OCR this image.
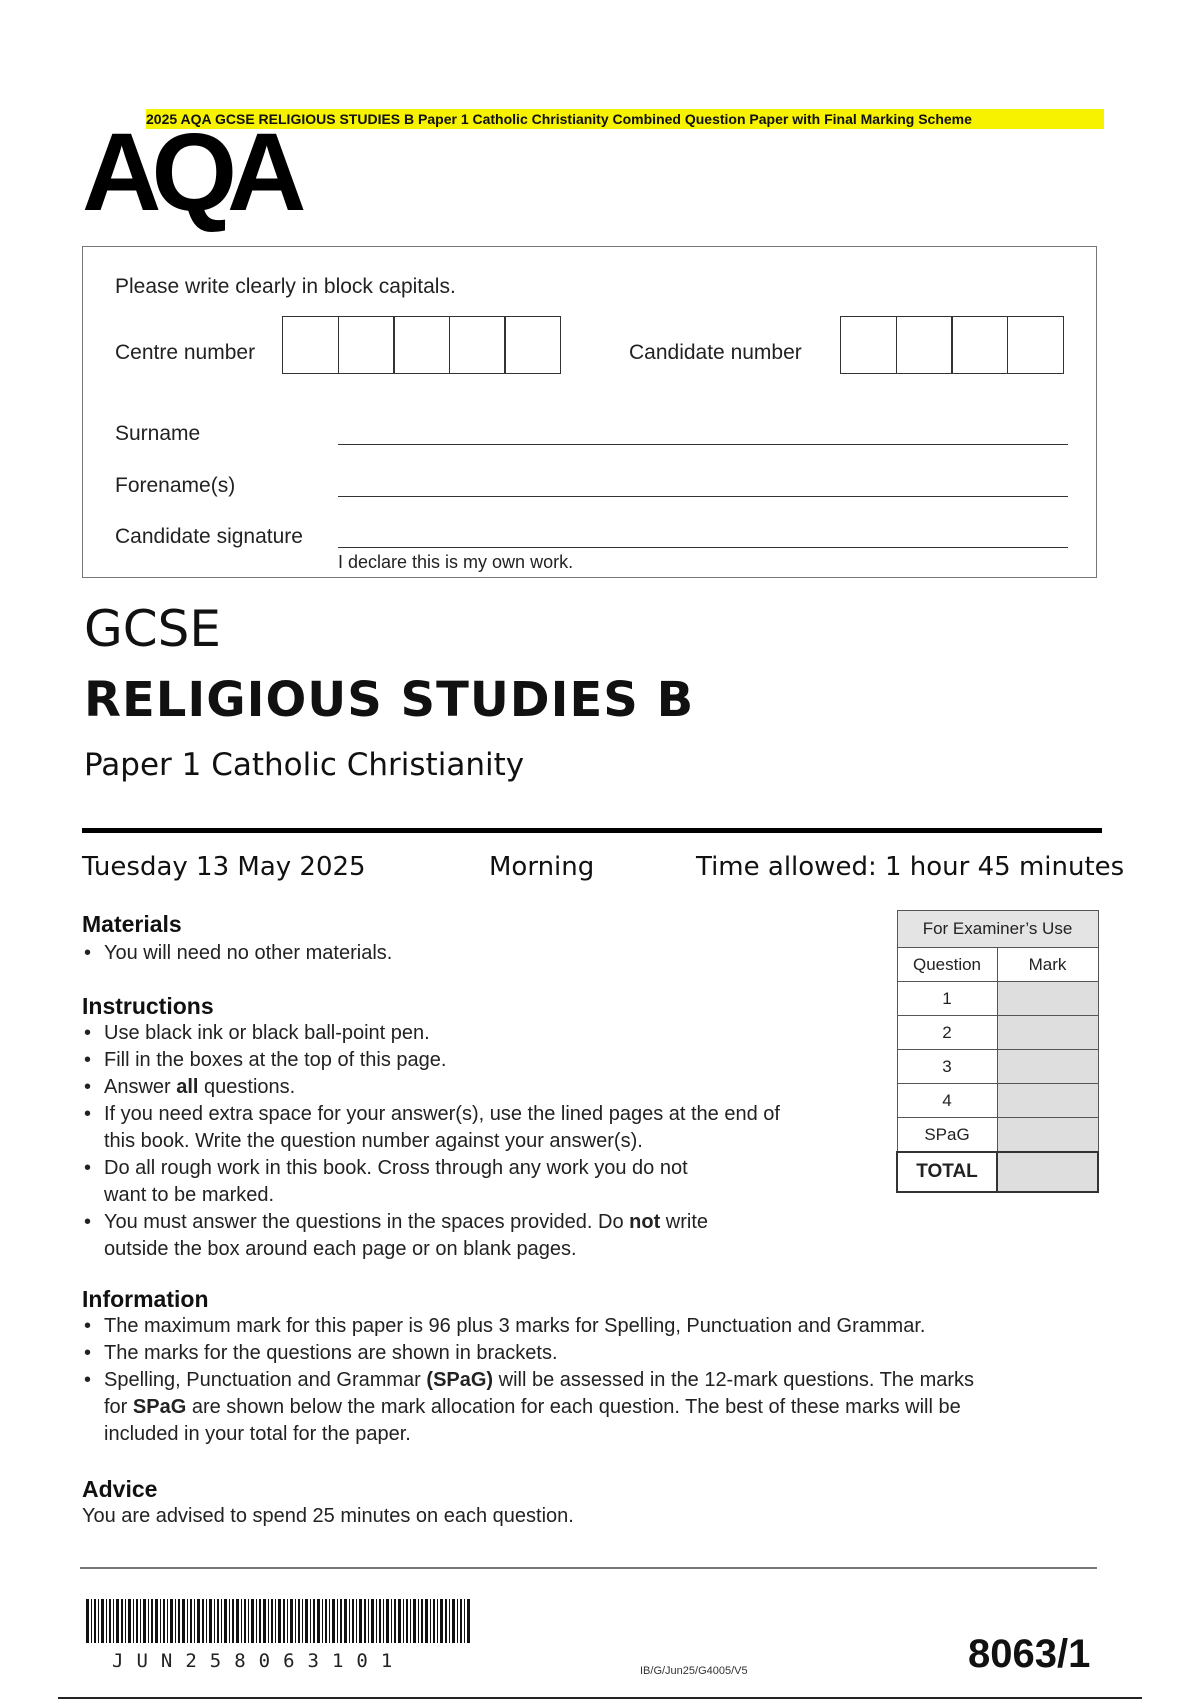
2025 AQA GCSE RELIGIOUS STUDIES B Paper 1 Catholic Christianity Combined Question Paper with Final Marking Scheme
AQA
Please write clearly in block capitals.
Centre number	Candidate number
Surname
Forename(s)
Candidate signature
I declare this is my own work.
GCSE
RELIGIOUS STUDIES B
Paper 1 Catholic Christianity
Tuesday 13 May 2025	Morning	Time allowed: 1 hour 45 minutes
Materials
• You will need no other materials.
Instructions
• Use black ink or black ball-point pen.
• Fill in the boxes at the top of this page.
• Answer all questions.
• If you need extra space for your answer(s), use the lined pages at the end of
this book. Write the question number against your answer(s).
• Do all rough work in this book. Cross through any work you do not
want to be marked.
• You must answer the questions in the spaces provided. Do not write
outside the box around each page or on blank pages.
For Examiner’s Use	
Question	Mark
1	
2	
3	
4	
SPaG	
TOTAL	
Information
• The maximum mark for this paper is 96 plus 3 marks for Spelling, Punctuation and Grammar.
• The marks for the questions are shown in brackets.
• Spelling, Punctuation and Grammar (SPaG) will be assessed in the 12-mark questions. The marks
for SPaG are shown below the mark allocation for each question. The best of these marks will be
included in your total for the paper.
Advice
You are advised to spend 25 minutes on each question.
JUN258063101	IB/G/Jun25/G4005/V5	8063/1
